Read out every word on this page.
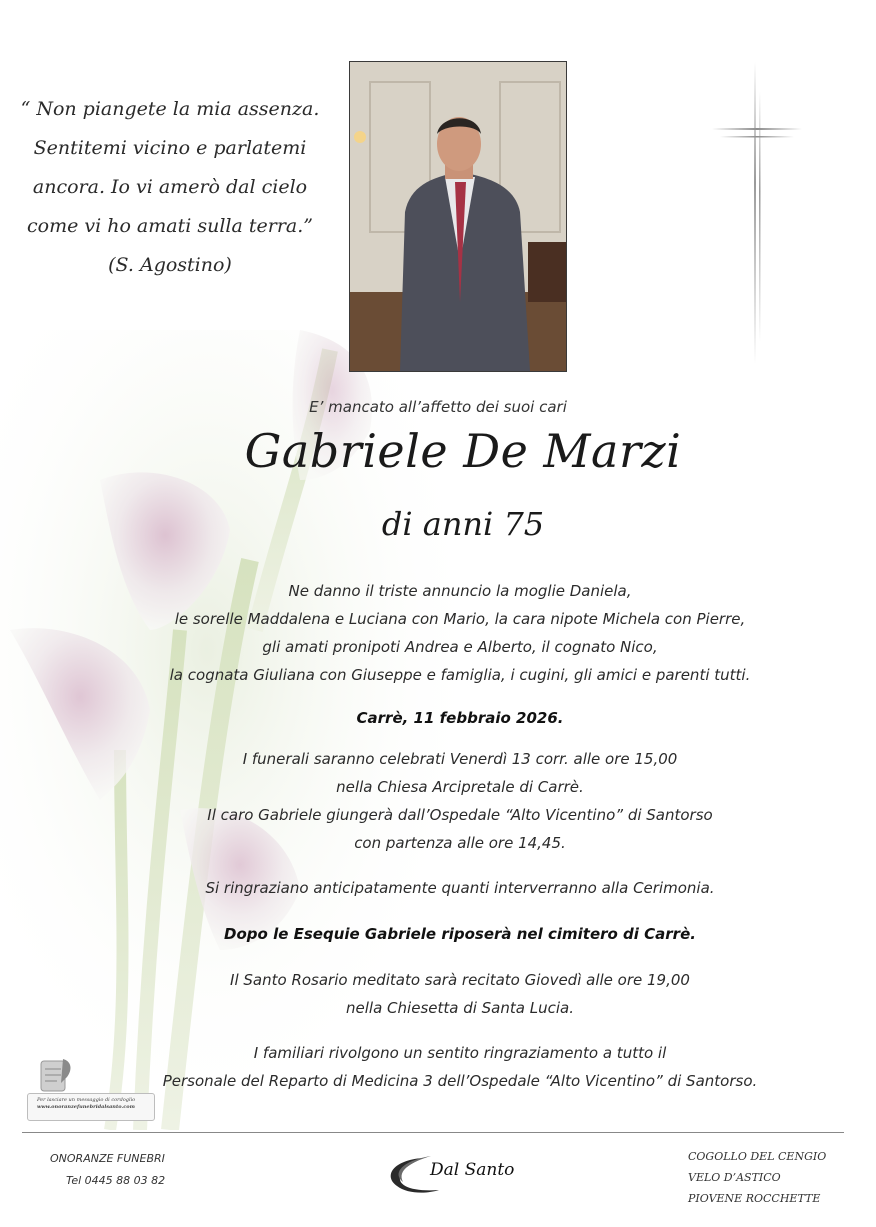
“ Non piangete la mia assenza.
Sentitemi vicino e parlatemi
ancora. Io vi amerò dal cielo
come vi ho amati sulla terra.”
(S. Agostino)
E’ mancato all’affetto dei suoi cari
Gabriele De Marzi
di anni 75
Ne danno il triste annuncio la moglie Daniela,
le sorelle Maddalena e Luciana con Mario, la cara nipote Michela con Pierre,
gli amati pronipoti Andrea e Alberto, il cognato Nico,
la cognata Giuliana con Giuseppe e famiglia, i cugini, gli amici e parenti tutti.
Carrè, 11 febbraio 2026.
I funerali saranno celebrati Venerdì 13 corr. alle ore 15,00
nella Chiesa Arcipretale di Carrè.
Il caro Gabriele giungerà dall’Ospedale “Alto Vicentino” di Santorso
con partenza alle ore 14,45.
Si ringraziano anticipatamente quanti interverranno alla Cerimonia.
Dopo le Esequie Gabriele riposerà nel cimitero di Carrè.
Il Santo Rosario meditato sarà recitato Giovedì alle ore 19,00
nella Chiesetta di Santa Lucia.
I familiari rivolgono un sentito ringraziamento a tutto il
Personale del Reparto di Medicina 3 dell’Ospedale “Alto Vicentino” di Santorso.
Per lasciare un messaggio di cordoglio
www.onoranzefunebridalsanto.com
ONORANZE FUNEBRI
Tel 0445 88 03 82
Dal Santo
COGOLLO DEL CENGIO
VELO D’ASTICO
PIOVENE ROCCHETTE
